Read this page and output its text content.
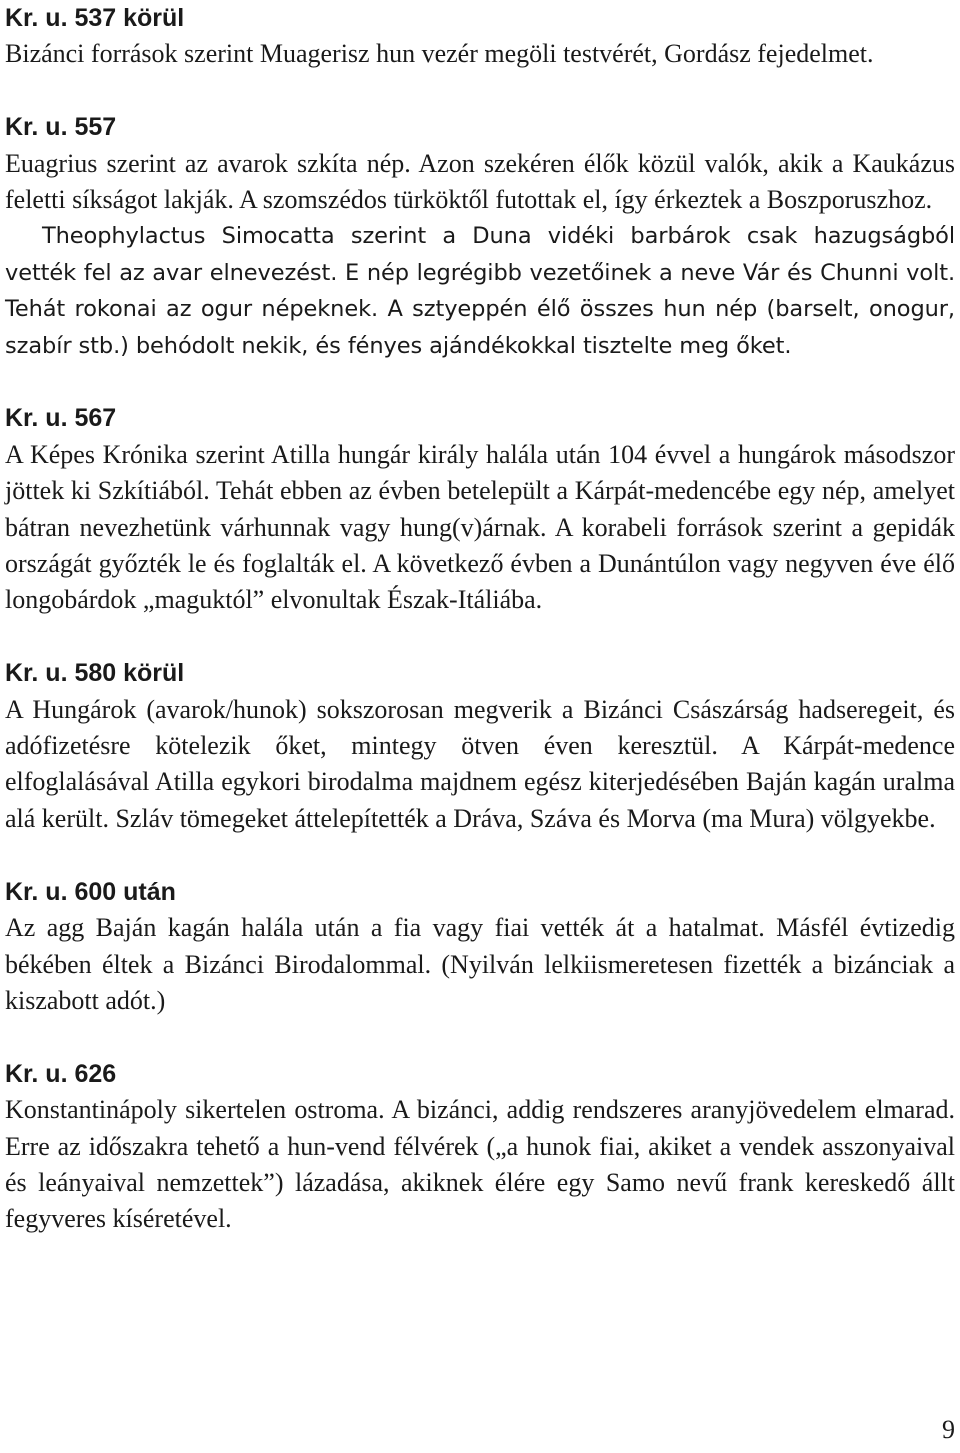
Kr. u. 537 körül

Bizánci források szerint Muagerisz hun vezér megöli testvérét, Gordász fejedelmet.

Kr. u. 557

Euagrius szerint az avarok szkíta nép. Azon szekéren élők közül valók, akik a Kaukázus feletti síkságot lakják. A szomszédos türköktől futottak el, így érkeztek a Boszporuszhoz.

Theophylactus Simocatta szerint a Duna vidéki barbárok csak hazugságból vették fel az avar elnevezést. E nép legrégibb vezetőinek a neve Vár és Chunni volt. Tehát rokonai az ogur népeknek. A sztyeppén élő összes hun nép (barselt, onogur, szabír stb.) behódolt nekik, és fényes ajándékokkal tisztelte meg őket.

Kr. u. 567

A Képes Krónika szerint Atilla hungár király halála után 104 évvel a hungárok másodszor jöttek ki Szkítiából. Tehát ebben az évben betelepült a Kárpát-medencébe egy nép, amelyet bátran nevezhetünk várhunnak vagy hung(v)árnak. A korabeli források szerint a gepidák országát győzték le és foglalták el. A következő évben a Dunántúlon vagy negyven éve élő longobárdok „maguktól” elvonultak Észak-Itáliába.

Kr. u. 580 körül

A Hungárok (avarok/hunok) sokszorosan megverik a Bizánci Császárság hadseregeit, és adófizetésre kötelezik őket, mintegy ötven éven keresztül. A Kárpát-medence elfoglalásával Atilla egykori birodalma majdnem egész kiterjedésében Baján kagán uralma alá került. Szláv tömegeket áttelepítették a Dráva, Száva és Morva (ma Mura) völgyekbe.

Kr. u. 600 után

Az agg Baján kagán halála után a fia vagy fiai vették át a hatalmat. Másfél évtizedig békében éltek a Bizánci Birodalommal. (Nyilván lelkiismeretesen fizették a bizánciak a kiszabott adót.)

Kr. u. 626

Konstantinápoly sikertelen ostroma. A bizánci, addig rendszeres aranyjövedelem elmarad. Erre az időszakra tehető a hun-vend félvérek („a hunok fiai, akiket a vendek asszonyaival és leányaival nemzettek”) lázadása, akiknek élére egy Samo nevű frank kereskedő állt fegyveres kíséretével.

9
